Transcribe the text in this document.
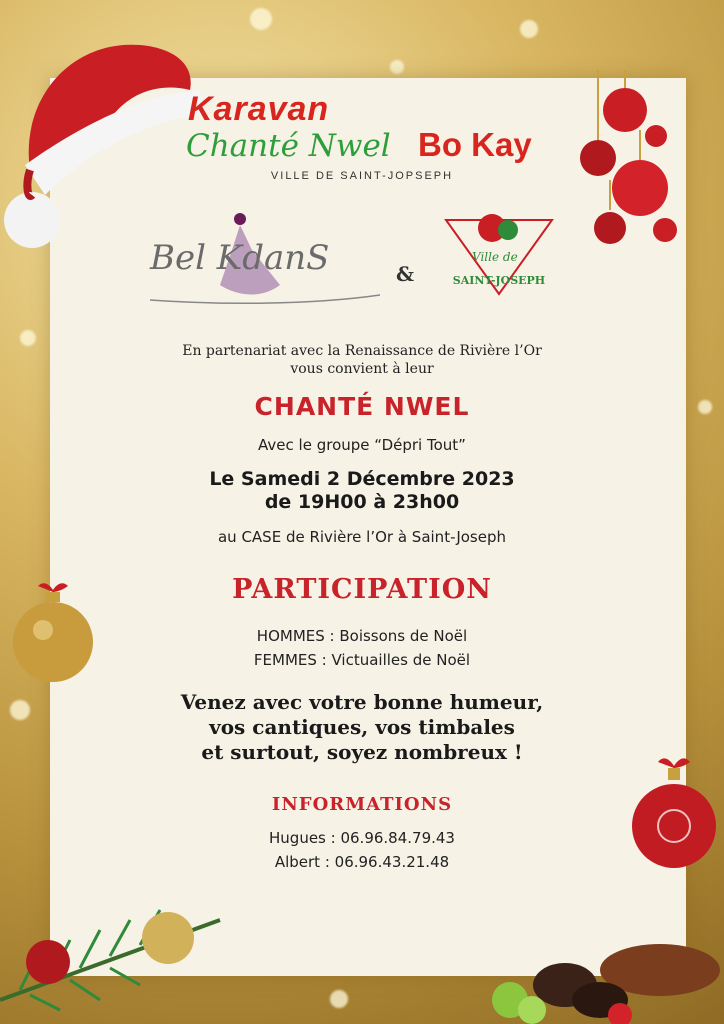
Karavan
Chanté Nwel Bo Kay
VILLE DE SAINT-JOPSEPH
Bel KdanS	&
Ville de
SAINT-JOSEPH
En partenariat avec la Renaissance de Rivière l’Or
vous convient à leur
CHANTÉ NWEL
Avec le groupe “Dépri Tout”
Le Samedi 2 Décembre 2023
de 19H00 à 23h00
au CASE de Rivière l’Or à Saint-Joseph
PARTICIPATION
HOMMES : Boissons de Noël
FEMMES : Victuailles de Noël
Venez avec votre bonne humeur,
vos cantiques, vos timbales
et surtout, soyez nombreux !
INFORMATIONS
Hugues : 06.96.84.79.43
Albert : 06.96.43.21.48
